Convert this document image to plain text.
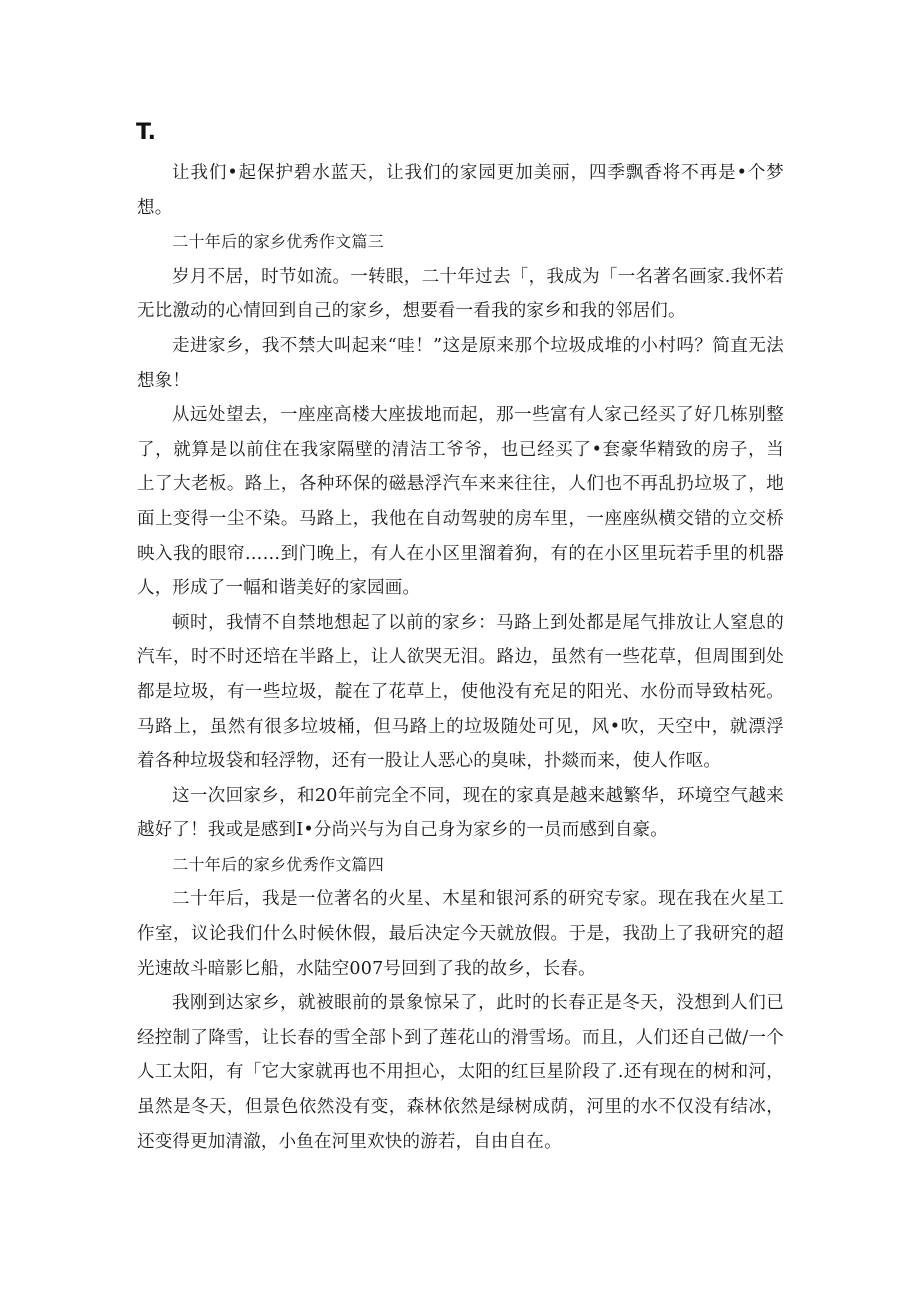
T.

让我们•起保护碧水蓝天，让我们的家园更加美丽，四季飘香将不再是•个梦想。

二十年后的家乡优秀作文篇三

岁月不居，时节如流。一转眼，二十年过去「，我成为「一名著名画家.我怀若无比激动的心情回到自己的家乡，想要看一看我的家乡和我的邻居们。

走进家乡，我不禁大叫起来“哇！”这是原来那个垃圾成堆的小村吗？简直无法想象！

从远处望去，一座座高楼大座拔地而起，那一些富有人家己经买了好几栋别整了，就算是以前住在我家隔壁的清洁工爷爷，也已经买了•套豪华精致的房子，当上了大老板。路上，各种环保的磁悬浮汽车来来往往，人们也不再乱扔垃圾了，地面上变得一尘不染。马路上，我他在自动驾驶的房车里，一座座纵横交错的立交桥映入我的眼帘……到门晚上，有人在小区里溜着狗，有的在小区里玩若手里的机器人，形成了一幅和谐美好的家园画。

顿时，我情不自禁地想起了以前的家乡：马路上到处都是尾气排放让人窒息的汽车，时不时还培在半路上，让人欲哭无泪。路边，虽然有一些花草，但周围到处都是垃圾，有一些垃圾，靛在了花草上，使他没有充足的阳光、水份而导致枯死。马路上，虽然有很多垃坡桶，但马路上的垃圾随处可见，风•吹，天空中，就漂浮着各种垃圾袋和轻浮物，还有一股让人恶心的臭味，扑燚而来，使人作呕。

这一次回家乡，和20年前完全不同，现在的家真是越来越繁华，环境空气越来越好了！我或是感到I•分尚兴与为自己身为家乡的一员而感到自豪。

二十年后的家乡优秀作文篇四

二十年后，我是一位著名的火星、木星和银河系的研究专家。现在我在火星工作室，议论我们什么时候休假，最后决定今天就放假。于是，我劭上了我研究的超光速故斗暗影匕船，水陆空007号回到了我的故乡，长春。

我刚到达家乡，就被眼前的景象惊呆了，此时的长春正是冬天，没想到人们已经控制了降雪，让长春的雪全部卜到了莲花山的滑雪场。而且，人们还自己做/一个人工太阳，有「它大家就再也不用担心，太阳的红巨星阶段了.还有现在的树和河，虽然是冬天，但景色依然没有变，森林依然是绿树成荫，河里的水不仅没有结冰，还变得更加清澈，小鱼在河里欢快的游若，自由自在。
